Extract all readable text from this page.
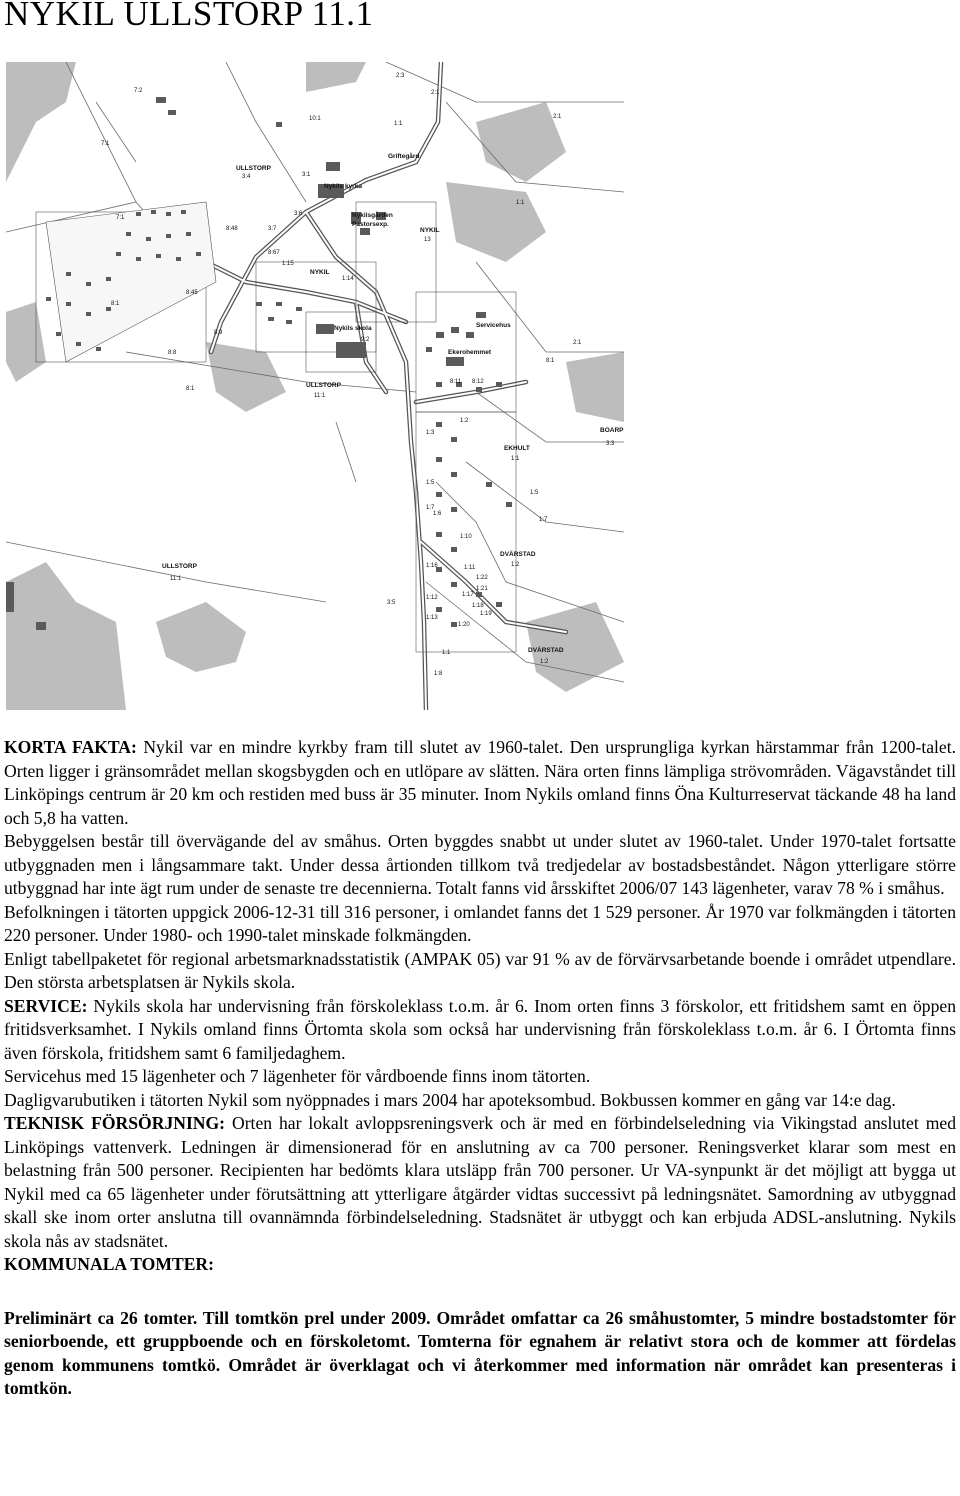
NYKIL ULLSTORP 11.1
ULLSTORP
3:4
Nykils kyrka
Griftegård
Nykilsgården
Pastorsexp.
NYKIL
13
NYKIL
Nykils skola	Servicehus
Ekerohemmet
ULLSTORP
11:1
BOARP
3:3
EKHULT
1:1
DVÄRSTAD
1:2
ULLSTORP
11:1
DVÄRSTAD
1:2
7:2
2:3
2:1
2:1
7:1
10:1
1:1
3:1
1:1
7:1
3:6
3:7
8:48
8:67
8:45
8:1
8:9
8:8
9:2
8:1
1:15
1:14
8:11 8:12
1:2
1:3
1:5
1:7
1:10
1:11
1:12
1:13
1:16
1:17
1:18
1:19
1:20
1:21
1:22
2:1
3:5
1:8
1:1
1:6
1:5
1:7
8:1

KORTA FAKTA: Nykil var en mindre kyrkby fram till slutet av 1960-talet. Den ursprungliga kyrkan härstammar från 1200-talet. Orten ligger i gränsområdet mellan skogsbygden och en utlöpare av slätten. Nära orten finns lämpliga strövområden. Vägavståndet till Linköpings centrum är 20 km och restiden med buss är 35 minuter. Inom Nykils omland finns Öna Kulturreservat täckande 48 ha land och 5,8 ha vatten.

Bebyggelsen består till övervägande del av småhus. Orten byggdes snabbt ut under slutet av 1960-talet. Under 1970-talet fortsatte utbyggnaden men i långsammare takt. Under dessa årtionden tillkom två tredjedelar av bostadsbeståndet. Någon ytterligare större utbyggnad har inte ägt rum under de senaste tre decennierna. Totalt fanns vid årsskiftet 2006/07 143 lägenheter, varav 78 % i småhus.

Befolkningen i tätorten uppgick 2006-12-31 till 316 personer, i omlandet fanns det 1 529 personer. År 1970 var folkmängden i tätorten 220 personer. Under 1980- och 1990-talet minskade folkmängden.

Enligt tabellpaketet för regional arbetsmarknadsstatistik (AMPAK 05) var 91 % av de förvärvsarbetande boende i området utpendlare. Den största arbetsplatsen är Nykils skola.

SERVICE: Nykils skola har undervisning från förskoleklass t.o.m. år 6. Inom orten finns 3 förskolor, ett fritidshem samt en öppen fritidsverksamhet. I Nykils omland finns Örtomta skola som också har undervisning från förskoleklass t.o.m. år 6. I Örtomta finns även förskola, fritidshem samt 6 familjedaghem.

Servicehus med 15 lägenheter och 7 lägenheter för vårdboende finns inom tätorten.

Dagligvarubutiken i tätorten Nykil som nyöppnades i mars 2004 har apoteksombud. Bokbussen kommer en gång var 14:e dag.

TEKNISK FÖRSÖRJNING: Orten har lokalt avloppsreningsverk och är med en förbindelseledning via Vikingstad anslutet med Linköpings vattenverk. Ledningen är dimensionerad för en anslutning av ca 700 personer. Reningsverket klarar som mest en belastning från 500 personer. Recipienten har bedömts klara utsläpp från 700 personer. Ur VA-synpunkt är det möjligt att bygga ut Nykil med ca 65 lägenheter under förutsättning att ytterligare åtgärder vidtas successivt på ledningsnätet. Samordning av utbyggnad skall ske inom orter anslutna till ovannämnda förbindelseledning. Stadsnätet är utbyggt och kan erbjuda ADSL-anslutning. Nykils skola nås av stadsnätet.

KOMMUNALA TOMTER:

Preliminärt ca 26 tomter. Till tomtkön prel under 2009. Området omfattar ca 26 småhustomter, 5 mindre bostadstomter för seniorboende, ett gruppboende och en förskoletomt. Tomterna för egnahem är relativt stora och de kommer att fördelas genom kommunens tomtkö. Området är överklagat och vi återkommer med information när området kan presenteras i tomtkön.
